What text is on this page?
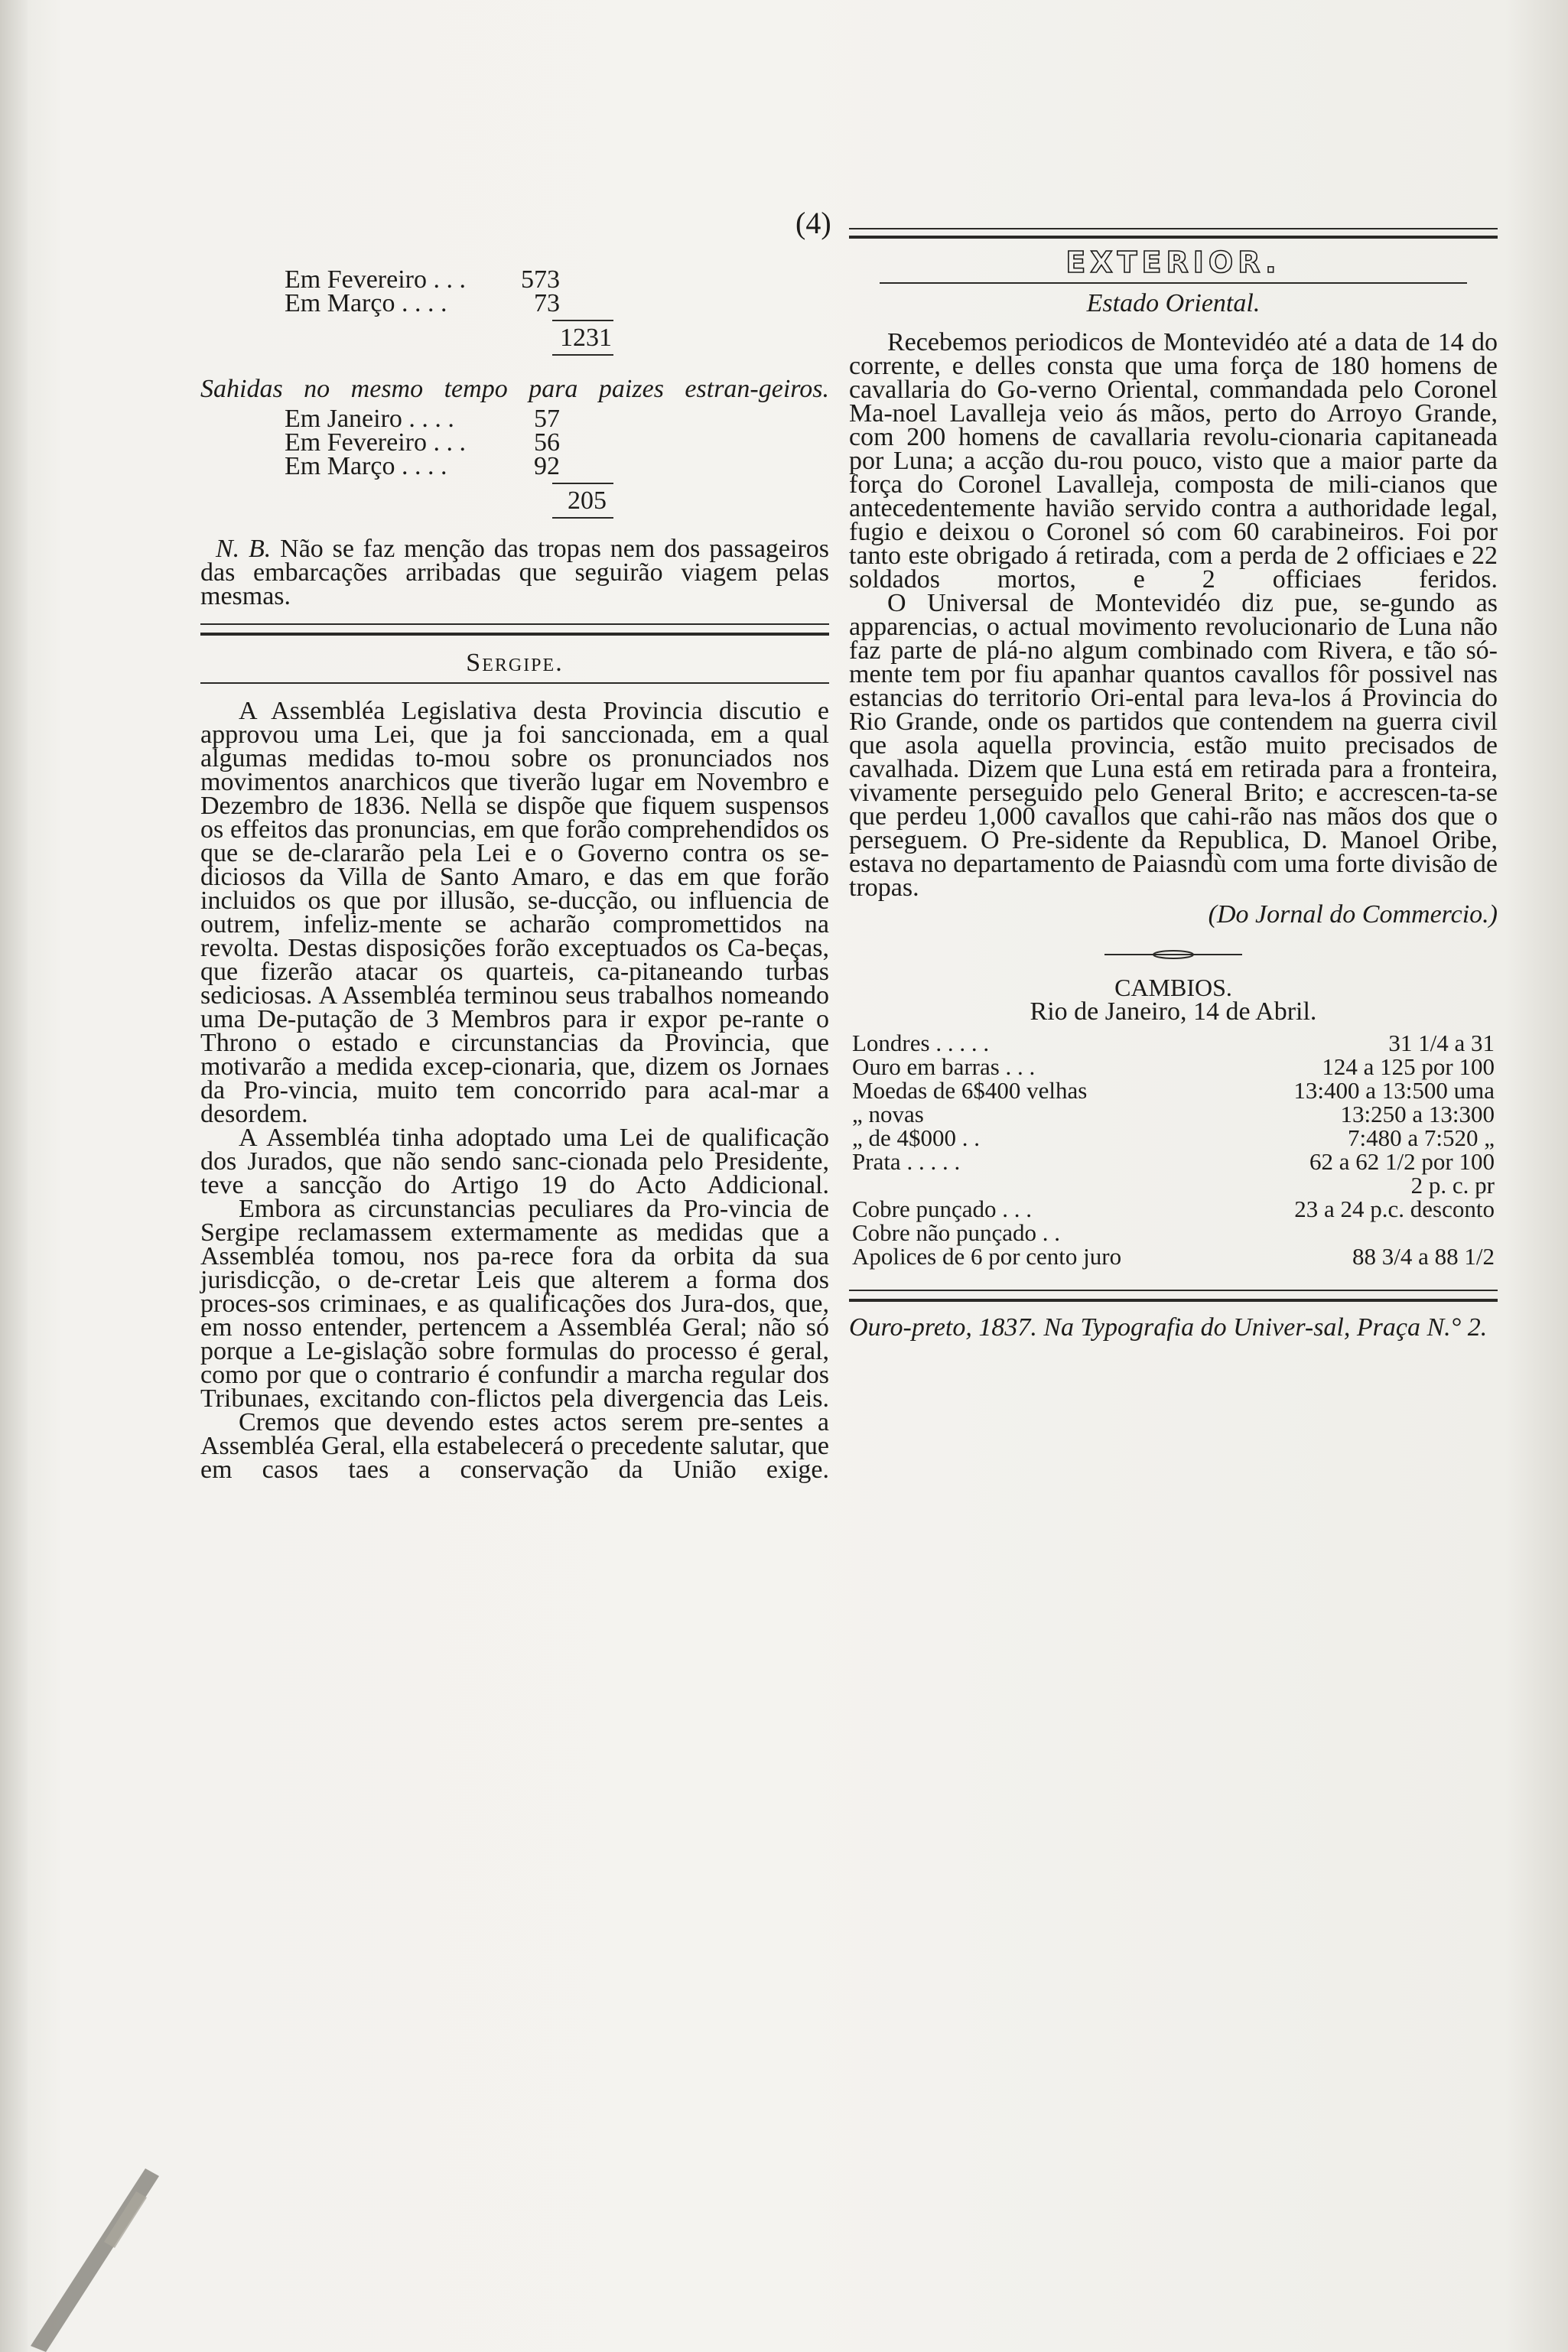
(4)
Em Fevereiro . . .	573
Em Março . . . .	73
1231

Sahidas no mesmo tempo para paizes estran-geiros.

Em Janeiro . . . .	57
Em Fevereiro . . .	56
Em Março . . . .	92
205

N. B. Não se faz menção das tropas nem dos passageiros das embarcações arribadas que seguirão viagem pelas mesmas.

Sergipe.

A Assembléa Legislativa desta Provincia discutio e approvou uma Lei, que ja foi sanccionada, em a qual algumas medidas to-mou sobre os pronunciados nos movimentos anarchicos que tiverão lugar em Novembro e Dezembro de 1836. Nella se dispõe que fiquem suspensos os effeitos das pronuncias, em que forão comprehendidos os que se de-clararão pela Lei e o Governo contra os se-diciosos da Villa de Santo Amaro, e das em que forão incluidos os que por illusão, se-ducção, ou influencia de outrem, infeliz-mente se acharão compromettidos na revolta. Destas disposições forão exceptuados os Ca-beças, que fizerão atacar os quarteis, ca-pitaneando turbas sediciosas. A Assembléa terminou seus trabalhos nomeando uma De-putação de 3 Membros para ir expor pe-rante o Throno o estado e circunstancias da Provincia, que motivarão a medida excep-cionaria, que, dizem os Jornaes da Pro-vincia, muito tem concorrido para acal-mar a desordem.

A Assembléa tinha adoptado uma Lei de qualificação dos Jurados, que não sendo sanc-cionada pelo Presidente, teve a sancção do Artigo 19 do Acto Addicional.

Embora as circunstancias peculiares da Pro-vincia de Sergipe reclamassem extermamente as medidas que a Assembléa tomou, nos pa-rece fora da orbita da sua jurisdicção, o de-cretar Leis que alterem a forma dos proces-sos criminaes, e as qualificações dos Jura-dos, que, em nosso entender, pertencem a Assembléa Geral; não só porque a Le-gislação sobre formulas do processo é geral, como por que o contrario é confundir a marcha regular dos Tribunaes, excitando con-flictos pela divergencia das Leis.

Cremos que devendo estes actos serem pre-sentes a Assembléa Geral, ella estabelecerá o precedente salutar, que em casos taes a conservação da União exige.

EXTERIOR.
Estado Oriental.

Recebemos periodicos de Montevidéo até a data de 14 do corrente, e delles consta que uma força de 180 homens de cavallaria do Go-verno Oriental, commandada pelo Coronel Ma-noel Lavalleja veio ás mãos, perto do Arroyo Grande, com 200 homens de cavallaria revolu-cionaria capitaneada por Luna; a acção du-rou pouco, visto que a maior parte da força do Coronel Lavalleja, composta de mili-cianos que antecedentemente havião servido contra a authoridade legal, fugio e deixou o Coronel só com 60 carabineiros. Foi por tanto este obrigado á retirada, com a perda de 2 officiaes e 22 soldados mortos, e 2 officiaes feridos.

O Universal de Montevidéo diz pue, se-gundo as apparencias, o actual movimento revolucionario de Luna não faz parte de plá-no algum combinado com Rivera, e tão só-mente tem por fiu apanhar quantos cavallos fôr possivel nas estancias do territorio Ori-ental para leva-los á Provincia do Rio Grande, onde os partidos que contendem na guerra civil que asola aquella provincia, estão muito precisados de cavalhada. Dizem que Luna está em retirada para a fronteira, vivamente perseguido pelo General Brito; e accrescen-ta-se que perdeu 1,000 cavallos que cahi-rão nas mãos dos que o perseguem. O Pre-sidente da Republica, D. Manoel Oribe, estava no departamento de Paiasndù com uma forte divisão de tropas.

(Do Jornal do Commercio.)
CAMBIOS.
Rio de Janeiro, 14 de Abril.
Londres . . . . .	31 1/4 a 31
Ouro em barras . . .	124 a 125 por 100
Moedas de 6$400 velhas	13:400 a 13:500 uma
„ novas	13:250 a 13:300
„ de 4$000 . .	7:480 a 7:520 „
Prata . . . . .	62 a 62 1/2 por 100
	2 p. c. pr
Cobre punçado . . .	23 a 24 p.c. desconto
Cobre não punçado . .	
Apolices de 6 por cento juro	88 3/4 a 88 1/2
Ouro-preto, 1837. Na Typografia do Univer-sal, Praça N.° 2.
